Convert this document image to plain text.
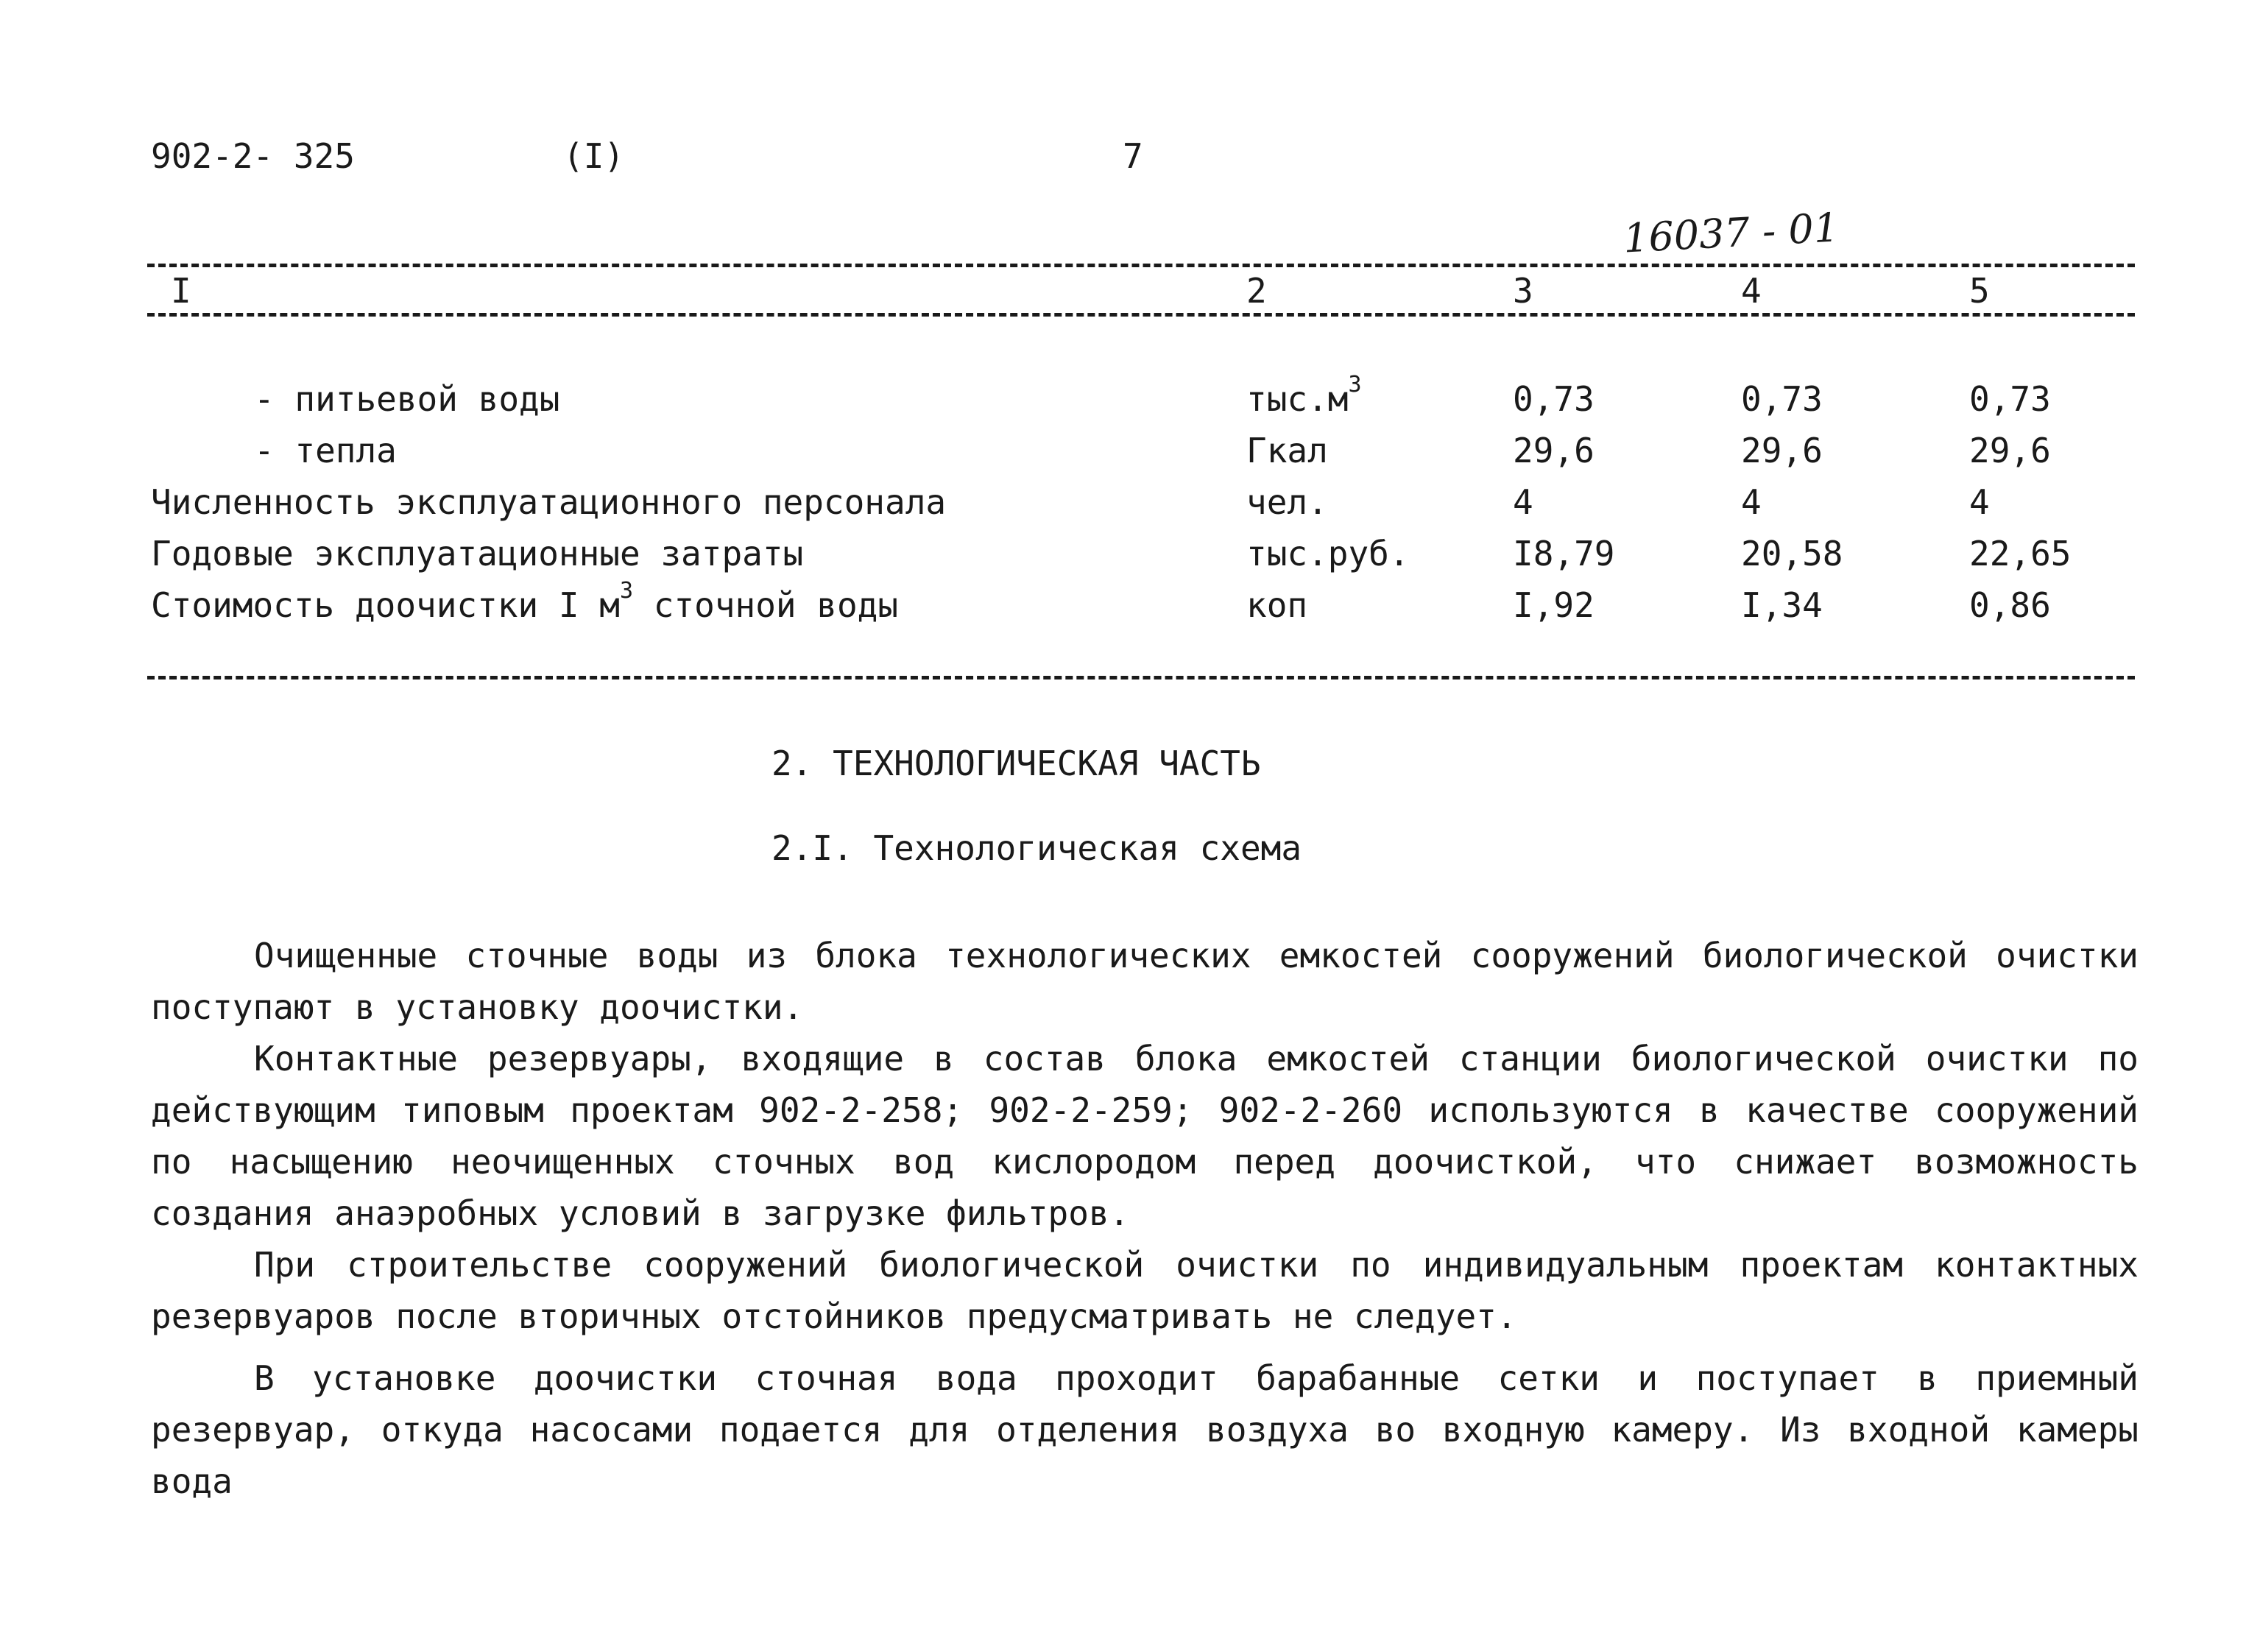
902-2- 325	(I)	7
16037 - 01
I	2	3	4	5
- питьевой воды	$тыс.м^3$	0,73	0,73	0,73
- тепла	Гкал	29,6	29,6	29,6
Численность эксплуатационного персонала	чел.	4	4	4
Годовые эксплуатационные затраты	тыс.руб.	I8,79	20,58	22,65
Стоимость доочистки I $м^3$ сточной воды	коп	I,92	I,34	0,86
2. ТЕХНОЛОГИЧЕСКАЯ ЧАСТЬ
2.I. Технологическая схема

Очищенные сточные воды из блока технологических емкостей сооружений биологической очистки поступают в установку доочистки.

Контактные резервуары, входящие в состав блока емкостей станции биологической очистки по действующим типовым проектам 902-2-258; 902-2-259; 902-2-260 используются в качестве сооружений по насыщению неочищенных сточных вод кислородом перед доочисткой, что снижает возможность создания анаэробных условий в загрузке фильтров.

При строительстве сооружений биологической очистки по индивидуальным проектам контактных резервуаров после вторичных отстойников предусматривать не следует.

В установке доочистки сточная вода проходит барабанные сетки и поступает в приемный резервуар, откуда насосами подается для отделения воздуха во входную камеру. Из входной камеры вода
